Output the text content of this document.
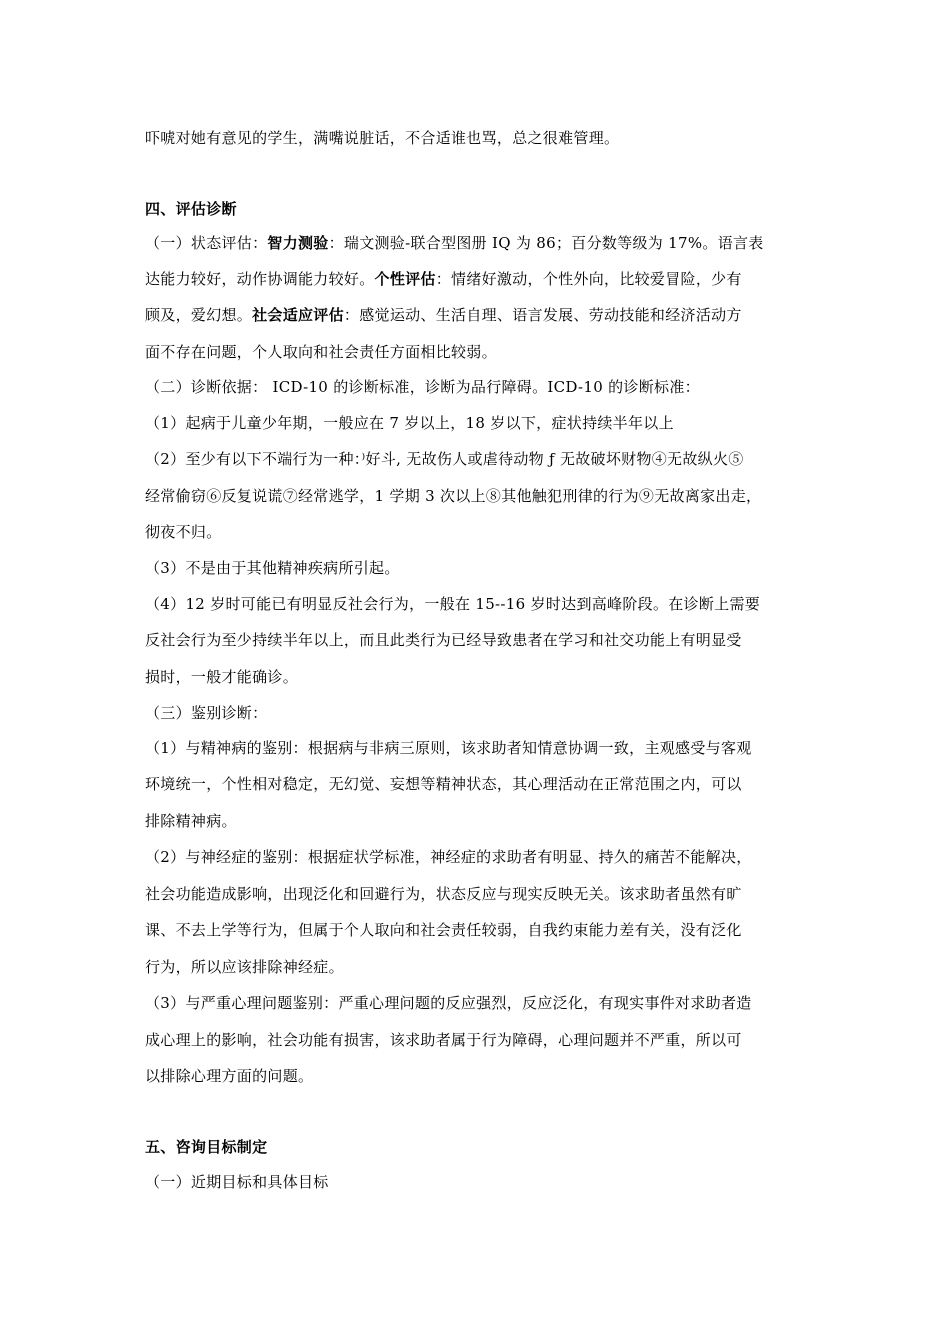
吓唬对她有意见的学生，满嘴说脏话，不合适谁也骂，总之很难管理。

四、评估诊断

（一）状态评估：智力测验：瑞文测验-联合型图册 IQ 为 86；百分数等级为 17%。语言表

达能力较好，动作协调能力较好。个性评估：情绪好激动，个性外向，比较爱冒险，少有

顾及，爱幻想。社会适应评估：感觉运动、生活自理、语言发展、劳动技能和经济活动方

面不存在问题，个人取向和社会责任方面相比较弱。

（二）诊断依据： ICD-10 的诊断标准，诊断为品行障碍。ICD-10 的诊断标准：

（1）起病于儿童少年期，一般应在 7 岁以上，18 岁以下，症状持续半年以上

（2）至少有以下不端行为一种：⁾好斗, 无故伤人或虐待动物 ƒ 无故破坏财物④无故纵火⑤

经常偷窃⑥反复说谎⑦经常逃学，1 学期 3 次以上⑧其他触犯刑律的行为⑨无故离家出走，

彻夜不归。

（3）不是由于其他精神疾病所引起。

（4）12 岁时可能已有明显反社会行为，一般在 15--16 岁时达到高峰阶段。在诊断上需要

反社会行为至少持续半年以上，而且此类行为已经导致患者在学习和社交功能上有明显受

损时，一般才能确诊。

（三）鉴别诊断：

（1）与精神病的鉴别：根据病与非病三原则，该求助者知情意协调一致，主观感受与客观

环境统一，个性相对稳定，无幻觉、妄想等精神状态，其心理活动在正常范围之内，可以

排除精神病。

（2）与神经症的鉴别：根据症状学标准，神经症的求助者有明显、持久的痛苦不能解决，

社会功能造成影响，出现泛化和回避行为，状态反应与现实反映无关。该求助者虽然有旷

课、不去上学等行为，但属于个人取向和社会责任较弱，自我约束能力差有关，没有泛化

行为，所以应该排除神经症。

（3）与严重心理问题鉴别：严重心理问题的反应强烈，反应泛化，有现实事件对求助者造

成心理上的影响，社会功能有损害，该求助者属于行为障碍，心理问题并不严重，所以可

以排除心理方面的问题。

五、咨询目标制定

（一）近期目标和具体目标
